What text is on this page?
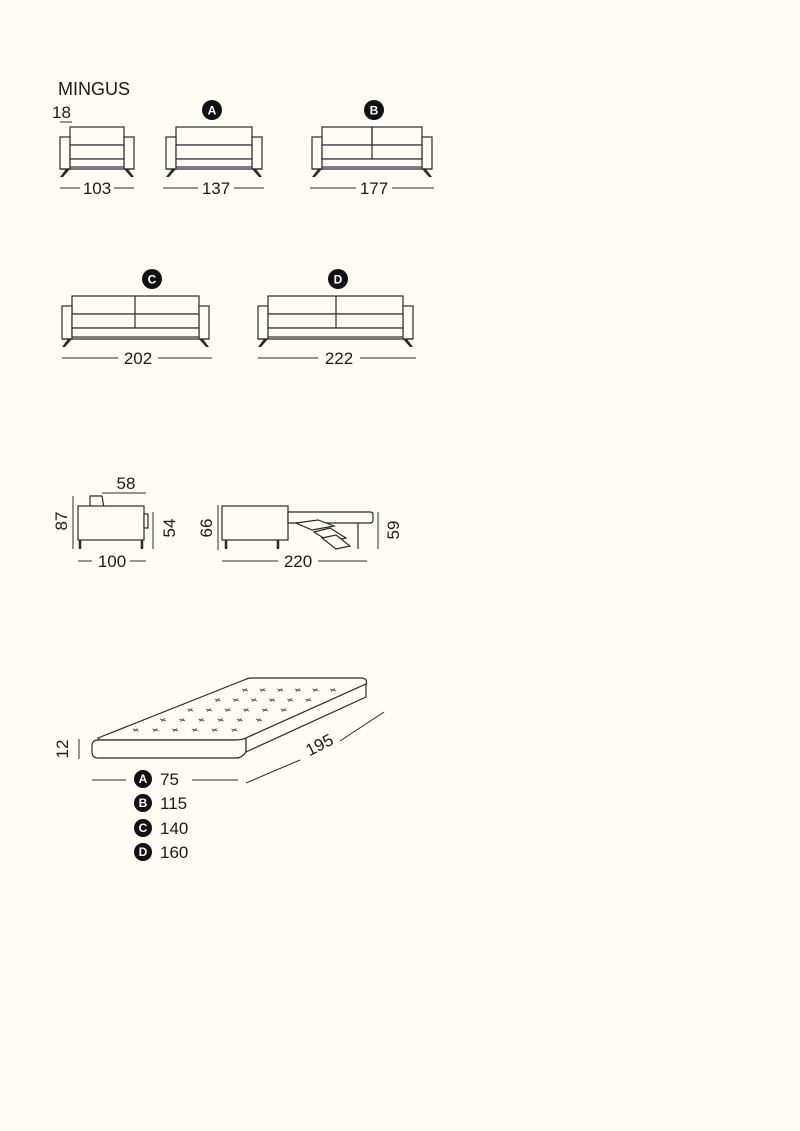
MINGUS
18
103
A
137
B
177
C
202
D
222
58
87	54
100
66	59
220
12	195
A 75
B 115
C 140
D 160
